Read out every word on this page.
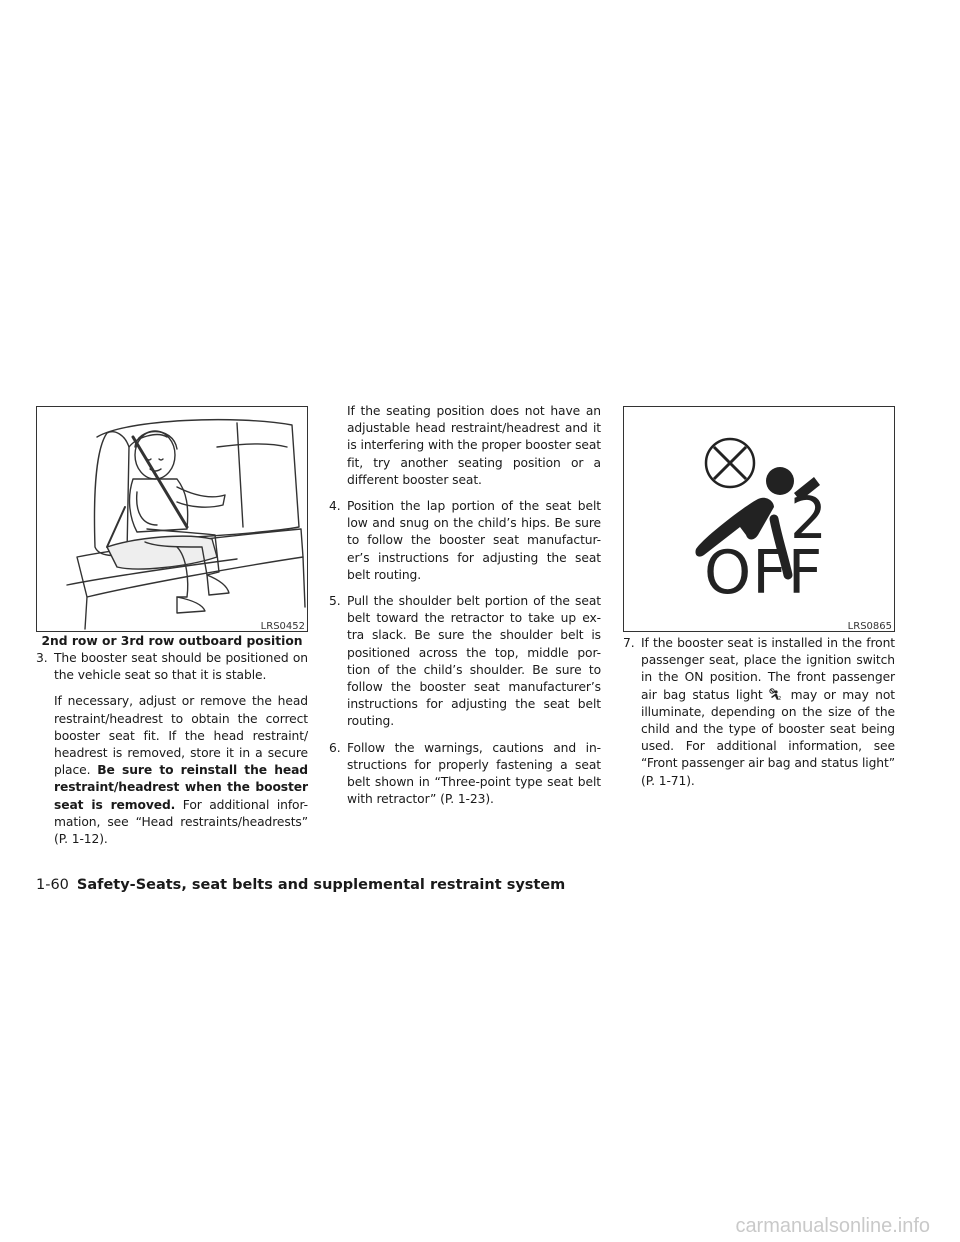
LRS0452
2nd row or 3rd row outboard position
3. The booster seat should be positioned on the vehicle seat so that it is stable.

If necessary, adjust or remove the head restraint/headrest to obtain the correct booster seat fit. If the head restraint/ headrest is removed, store it in a secure place. Be sure to reinstall the head restraint/headrest when the booster seat is removed. For additional infor- mation, see “Head restraints/headrests” (P. 1-12).

If the seating position does not have an adjustable head restraint/headrest and it is interfering with the proper booster seat fit, try another seating position or a different booster seat.

4. Position the lap portion of the seat belt low and snug on the child’s hips. Be sure to follow the booster seat manufactur- er’s instructions for adjusting the seat belt routing.

5. Pull the shoulder belt portion of the seat belt toward the retractor to take up ex- tra slack. Be sure the shoulder belt is positioned across the top, middle por- tion of the child’s shoulder. Be sure to follow the booster seat manufacturer’s instructions for adjusting the seat belt routing.

6. Follow the warnings, cautions and in- structions for properly fastening a seat belt shown in “Three-point type seat belt with retractor” (P. 1-23).

2
OFF
LRS0865
7. If the booster seat is installed in the front passenger seat, place the ignition switch in the ON position. The front passenger air bag status light	2 may or may not illuminate, depending on the size of the child and the type of booster seat being used. For additional information, see “Front passenger air bag and status light” (P. 1-71).

1-60 Safety-Seats, seat belts and supplemental restraint system
carmanualsonline.info
